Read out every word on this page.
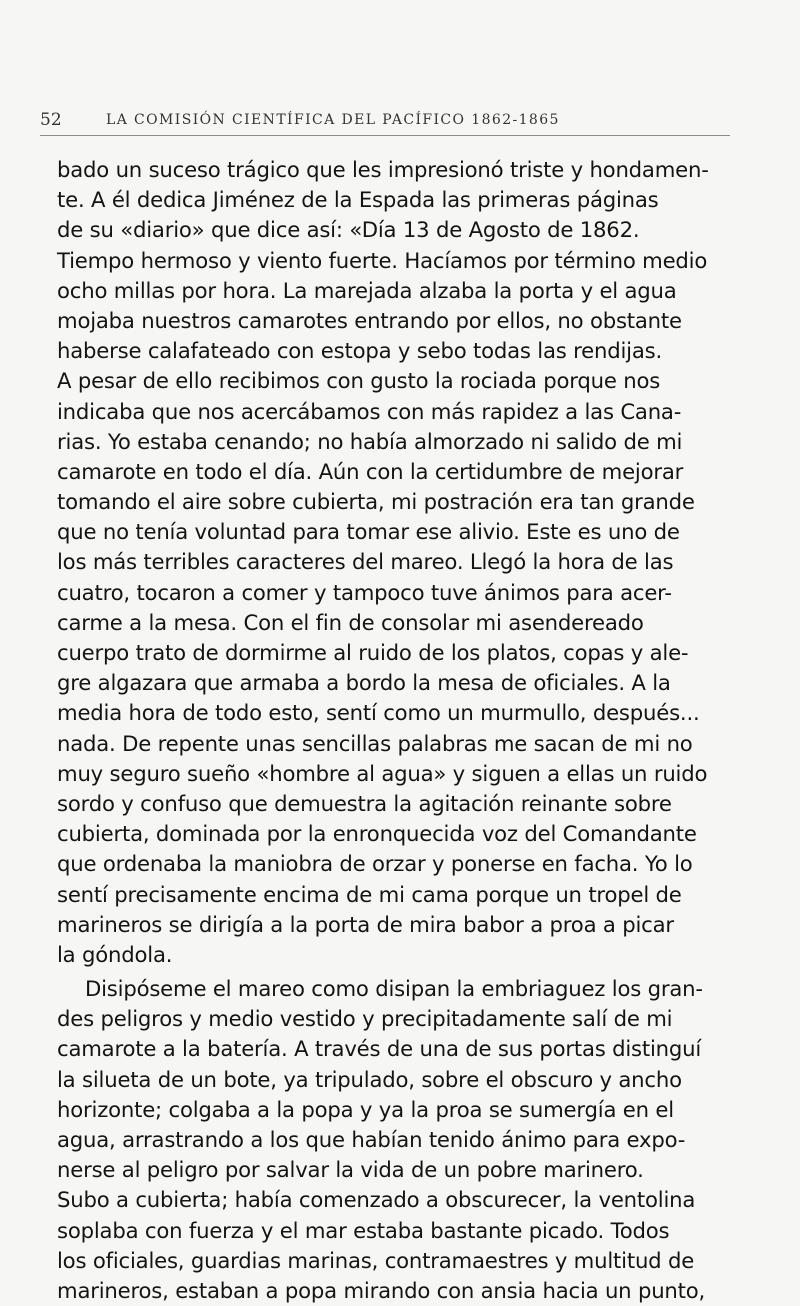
52	LA COMISIÓN CIENTÍFICA DEL PACÍFICO 1862-1865
bado un suceso trágico que les impresionó triste y hondamen-
te. A él dedica Jiménez de la Espada las primeras páginas
de su «diario» que dice así: «Día 13 de Agosto de 1862.
Tiempo hermoso y viento fuerte. Hacíamos por término medio
ocho millas por hora. La marejada alzaba la porta y el agua
mojaba nuestros camarotes entrando por ellos, no obstante
haberse calafateado con estopa y sebo todas las rendijas.
A pesar de ello recibimos con gusto la rociada porque nos
indicaba que nos acercábamos con más rapidez a las Cana-
rias. Yo estaba cenando; no había almorzado ni salido de mi
camarote en todo el día. Aún con la certidumbre de mejorar
tomando el aire sobre cubierta, mi postración era tan grande
que no tenía voluntad para tomar ese alivio. Este es uno de
los más terribles caracteres del mareo. Llegó la hora de las
cuatro, tocaron a comer y tampoco tuve ánimos para acer-
carme a la mesa. Con el fin de consolar mi asendereado
cuerpo trato de dormirme al ruido de los platos, copas y ale-
gre algazara que armaba a bordo la mesa de oficiales. A la
media hora de todo esto, sentí como un murmullo, después...
nada. De repente unas sencillas palabras me sacan de mi no
muy seguro sueño «hombre al agua» y siguen a ellas un ruido
sordo y confuso que demuestra la agitación reinante sobre
cubierta, dominada por la enronquecida voz del Comandante
que ordenaba la maniobra de orzar y ponerse en facha. Yo lo
sentí precisamente encima de mi cama porque un tropel de
marineros se dirigía a la porta de mira babor a proa a picar
la góndola.
Disipóseme el mareo como disipan la embriaguez los gran-
des peligros y medio vestido y precipitadamente salí de mi
camarote a la batería. A través de una de sus portas distinguí
la silueta de un bote, ya tripulado, sobre el obscuro y ancho
horizonte; colgaba a la popa y ya la proa se sumergía en el
agua, arrastrando a los que habían tenido ánimo para expo-
nerse al peligro por salvar la vida de un pobre marinero.
Subo a cubierta; había comenzado a obscurecer, la ventolina
soplaba con fuerza y el mar estaba bastante picado. Todos
los oficiales, guardias marinas, contramaestres y multitud de
marineros, estaban a popa mirando con ansia hacia un punto,
